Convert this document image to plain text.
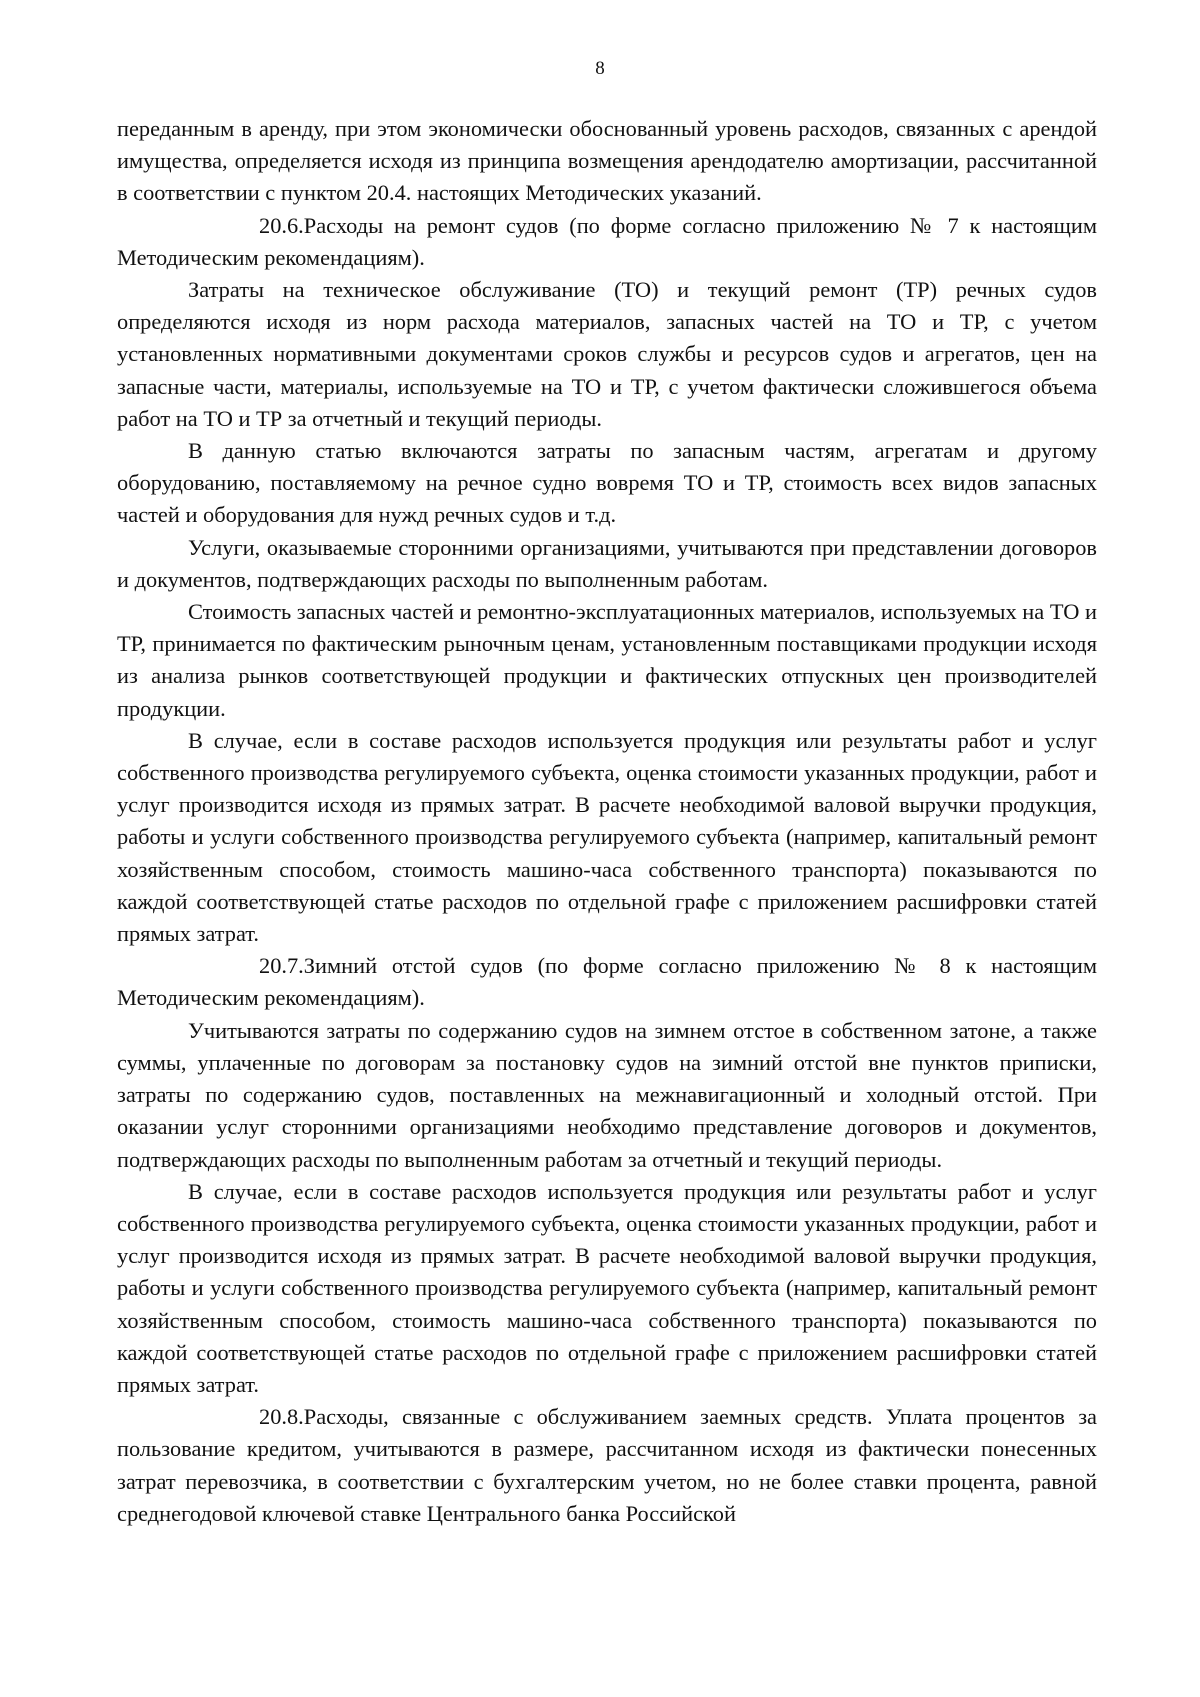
8

переданным в аренду, при этом экономически обоснованный уровень расходов, связанных с арендой имущества, определяется исходя из принципа возмещения арендодателю амортизации, рассчитанной в соответствии с пунктом 20.4. настоящих Методических указаний.

20.6.Расходы на ремонт судов (по форме согласно приложению № 7 к настоящим Методическим рекомендациям).

Затраты на техническое обслуживание (ТО) и текущий ремонт (ТР) речных судов определяются исходя из норм расхода материалов, запасных частей на ТО и ТР, с учетом установленных нормативными документами сроков службы и ресурсов судов и агрегатов, цен на запасные части, материалы, используемые на ТО и ТР, с учетом фактически сложившегося объема работ на ТО и ТР за отчетный и текущий периоды.

В данную статью включаются затраты по запасным частям, агрегатам и другому оборудованию, поставляемому на речное судно вовремя ТО и ТР, стоимость всех видов запасных частей и оборудования для нужд речных судов и т.д.

Услуги, оказываемые сторонними организациями, учитываются при представлении договоров и документов, подтверждающих расходы по выполненным работам.

Стоимость запасных частей и ремонтно-эксплуатационных материалов, используемых на ТО и ТР, принимается по фактическим рыночным ценам, установленным поставщиками продукции исходя из анализа рынков соответствующей продукции и фактических отпускных цен производителей продукции.

В случае, если в составе расходов используется продукция или результаты работ и услуг собственного производства регулируемого субъекта, оценка стоимости указанных продукции, работ и услуг производится исходя из прямых затрат. В расчете необходимой валовой выручки продукция, работы и услуги собственного производства регулируемого субъекта (например, капитальный ремонт хозяйственным способом, стоимость машино-часа собственного транспорта) показываются по каждой соответствующей статье расходов по отдельной графе с приложением расшифровки статей прямых затрат.

20.7.Зимний отстой судов (по форме согласно приложению № 8 к настоящим Методическим рекомендациям).

Учитываются затраты по содержанию судов на зимнем отстое в собственном затоне, а также суммы, уплаченные по договорам за постановку судов на зимний отстой вне пунктов приписки, затраты по содержанию судов, поставленных на межнавигационный и холодный отстой. При оказании услуг сторонними организациями необходимо представление договоров и документов, подтверждающих расходы по выполненным работам за отчетный и текущий периоды.

В случае, если в составе расходов используется продукция или результаты работ и услуг собственного производства регулируемого субъекта, оценка стоимости указанных продукции, работ и услуг производится исходя из прямых затрат. В расчете необходимой валовой выручки продукция, работы и услуги собственного производства регулируемого субъекта (например, капитальный ремонт хозяйственным способом, стоимость машино-часа собственного транспорта) показываются по каждой соответствующей статье расходов по отдельной графе с приложением расшифровки статей прямых затрат.

20.8.Расходы, связанные с обслуживанием заемных средств. Уплата процентов за пользование кредитом, учитываются в размере, рассчитанном исходя из фактически понесенных затрат перевозчика, в соответствии с бухгалтерским учетом, но не более ставки процента, равной среднегодовой ключевой ставке Центрального банка Российской
